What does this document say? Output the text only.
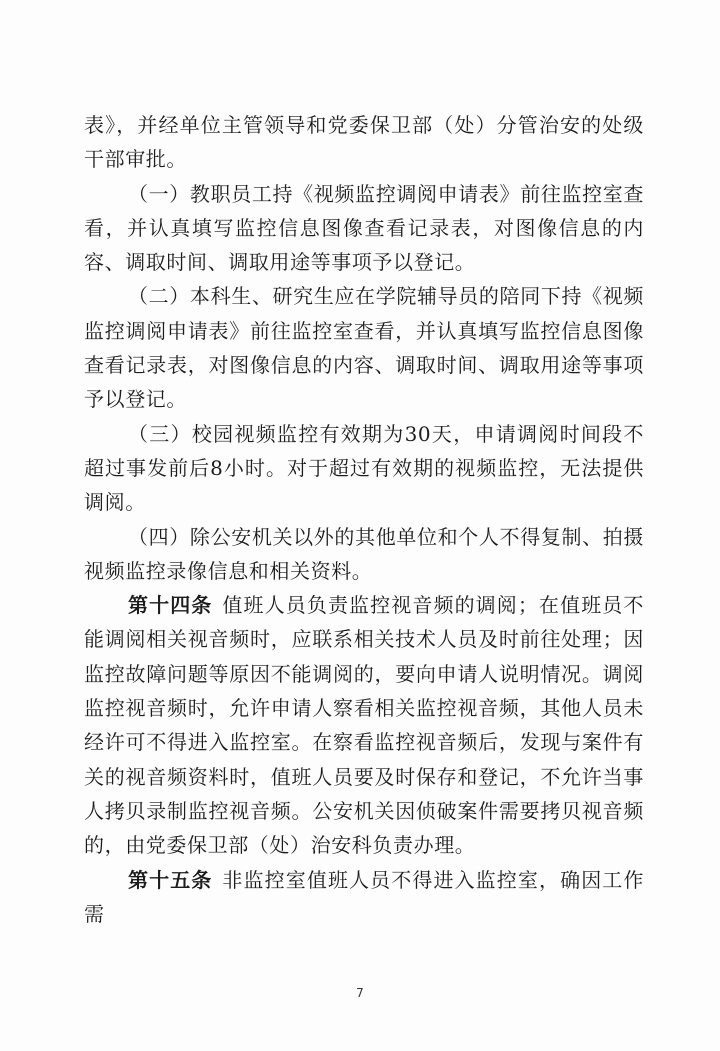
表》，并经单位主管领导和党委保卫部（处）分管治安的处级干部审批。

（一）教职员工持《视频监控调阅申请表》前往监控室查看，并认真填写监控信息图像查看记录表，对图像信息的内容、调取时间、调取用途等事项予以登记。

（二）本科生、研究生应在学院辅导员的陪同下持《视频监控调阅申请表》前往监控室查看，并认真填写监控信息图像查看记录表，对图像信息的内容、调取时间、调取用途等事项予以登记。

（三）校园视频监控有效期为30天，申请调阅时间段不超过事发前后8小时。对于超过有效期的视频监控，无法提供调阅。

（四）除公安机关以外的其他单位和个人不得复制、拍摄视频监控录像信息和相关资料。

第十四条 值班人员负责监控视音频的调阅；在值班员不能调阅相关视音频时，应联系相关技术人员及时前往处理；因监控故障问题等原因不能调阅的，要向申请人说明情况。调阅监控视音频时，允许申请人察看相关监控视音频，其他人员未经许可不得进入监控室。在察看监控视音频后，发现与案件有关的视音频资料时，值班人员要及时保存和登记，不允许当事人拷贝录制监控视音频。公安机关因侦破案件需要拷贝视音频的，由党委保卫部（处）治安科负责办理。

第十五条 非监控室值班人员不得进入监控室，确因工作需

7
